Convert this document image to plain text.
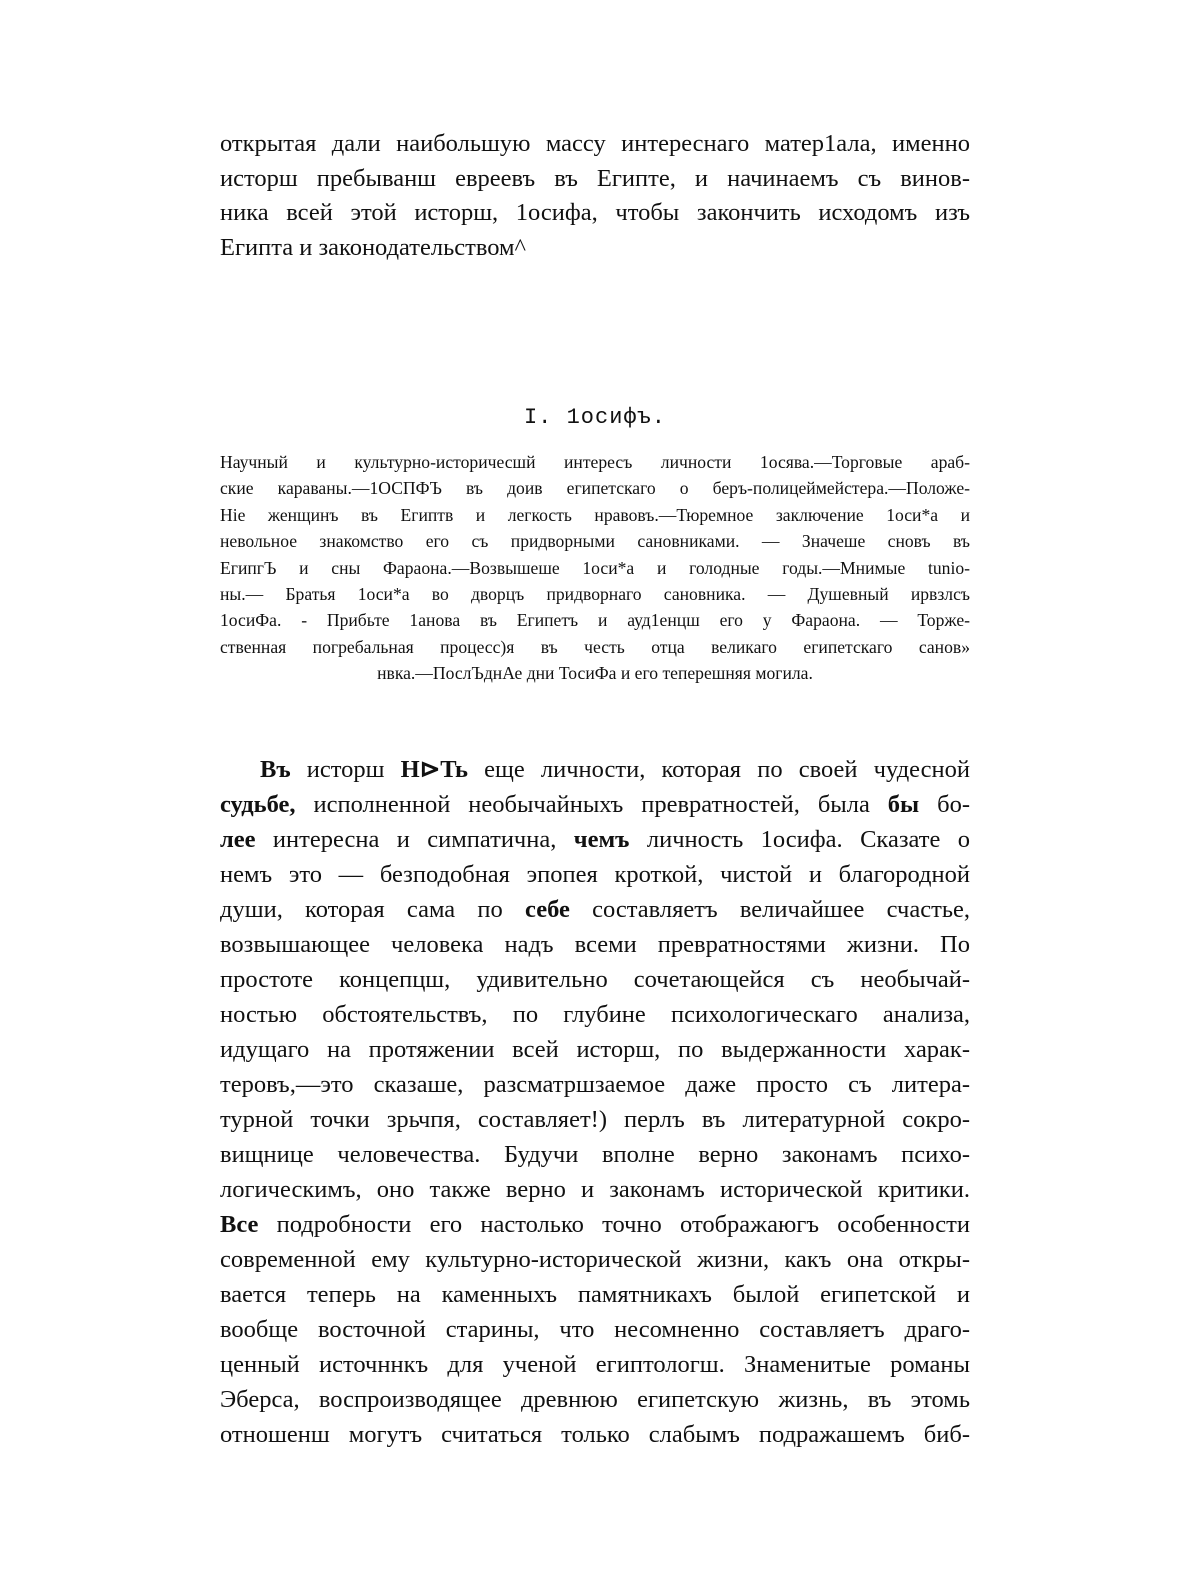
открытая дали наибольшую массу интереснаго матер1ала, именно
исторш пребыванш евреевъ въ Египте, и начинаемъ съ винов-
ника всей этой исторш, 1осифа, чтобы закончить исходомъ изъ
Египта и законодательством^
I. 1осифъ.
Научный и культурно-историчесшй интересъ личности 1осява.—Торговые араб-
ские караваны.—1ОСПФЪ въ доив египетскаго о беръ-полицеймейстера.—Положе-
Hie женщинъ въ Египтв и легкость нравовъ.—Тюремное заключение 1оси*а и
невольное знакомство его съ придворными сановниками. — Значеше сновъ въ
ЕгипгЪ и сны Фараона.—Возвышеше 1оси*а и голодные годы.—Мнимые tunio-
ны.— Братья 1оси*а во дворцъ придворнаго сановника. — Душевный ирвзлсъ
1осиФа. - Прибьте 1анова въ Египетъ и ауд1енцш его у Фараона. — Торже-
ственная погребальная процесс)я въ честь отца великаго египетскаго санов»
нвка.—ПослЪднАе дни ТосиФа и его теперешняя могила.
Въ исторш Н⊳Ть еще личности, которая по своей чудесной
судьбе, исполненной необычайныхъ превратностей, была бы бо-
лее интересна и симпатична, чемъ личность 1осифа. Сказате о
немъ это — безподобная эпопея кроткой, чистой и благородной
души, которая сама по себе составляетъ величайшее счастье,
возвышающее человека надъ всеми превратностями жизни. По
простоте концепцш, удивительно сочетающейся съ необычай-
ностью обстоятельствъ, по глубине психологическаго анализа,
идущаго на протяжении всей исторш, по выдержанности харак-
теровъ,—это сказаше, разсматршзаемое даже просто съ литера-
турной точки зрьчпя, составляет!) перлъ въ литературной сокро-
вищнице человечества. Будучи вполне верно законамъ психо-
логическимъ, оно также верно и законамъ исторической критики.
Все подробности его настолько точно отображаюгъ особенности
современной ему культурно-исторической жизни, какъ она откры-
вается теперь на каменныхъ памятникахъ былой египетской и
вообще восточной старины, что несомненно составляетъ драго-
ценный источннкъ для ученой египтологш. Знаменитые романы
Эберса, воспроизводящее древнюю египетскую жизнь, въ этомь
отношенш могутъ считаться только слабымъ подражашемъ биб-
